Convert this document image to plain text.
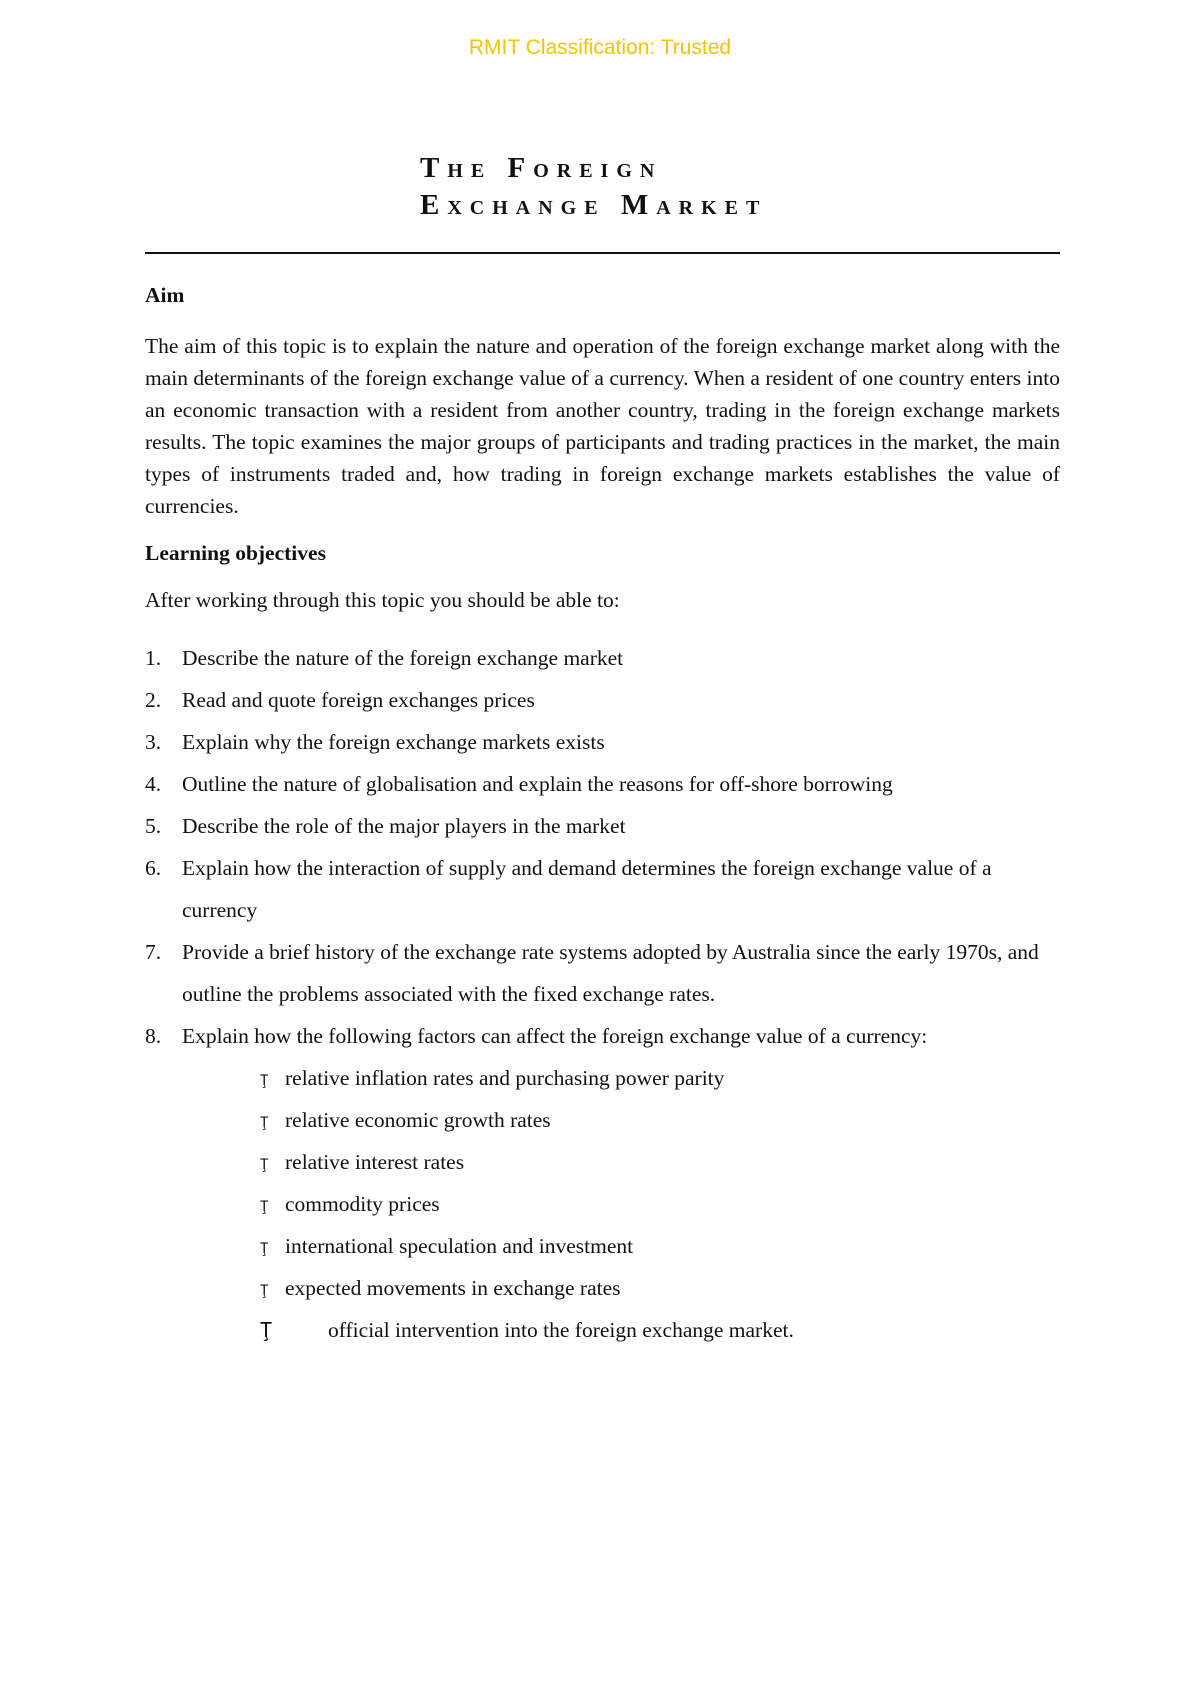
RMIT Classification: Trusted
The Foreign
Exchange Market

Aim

The aim of this topic is to explain the nature and operation of the foreign exchange market along with the main determinants of the foreign exchange value of a currency. When a resident of one country enters into an economic transaction with a resident from another country, trading in the foreign exchange markets results. The topic examines the major groups of participants and trading practices in the market, the main types of instruments traded and, how trading in foreign exchange markets establishes the value of currencies.

Learning objectives

After working through this topic you should be able to:

1. Describe the nature of the foreign exchange market
2. Read and quote foreign exchanges prices
3. Explain why the foreign exchange markets exists
4. Outline the nature of globalisation and explain the reasons for off-shore borrowing
5. Describe the role of the major players in the market
6. Explain how the interaction of supply and demand determines the foreign exchange value of a currency
7. Provide a brief history of the exchange rate systems adopted by Australia since the early 1970s, and outline the problems associated with the fixed exchange rates.
8. Explain how the following factors can affect the foreign exchange value of a currency:
Ţ relative inflation rates and purchasing power parity
Ţ relative economic growth rates
Ţ relative interest rates
Ţ commodity prices
Ţ international speculation and investment
Ţ expected movements in exchange rates
Ţ	official intervention into the foreign exchange market.
